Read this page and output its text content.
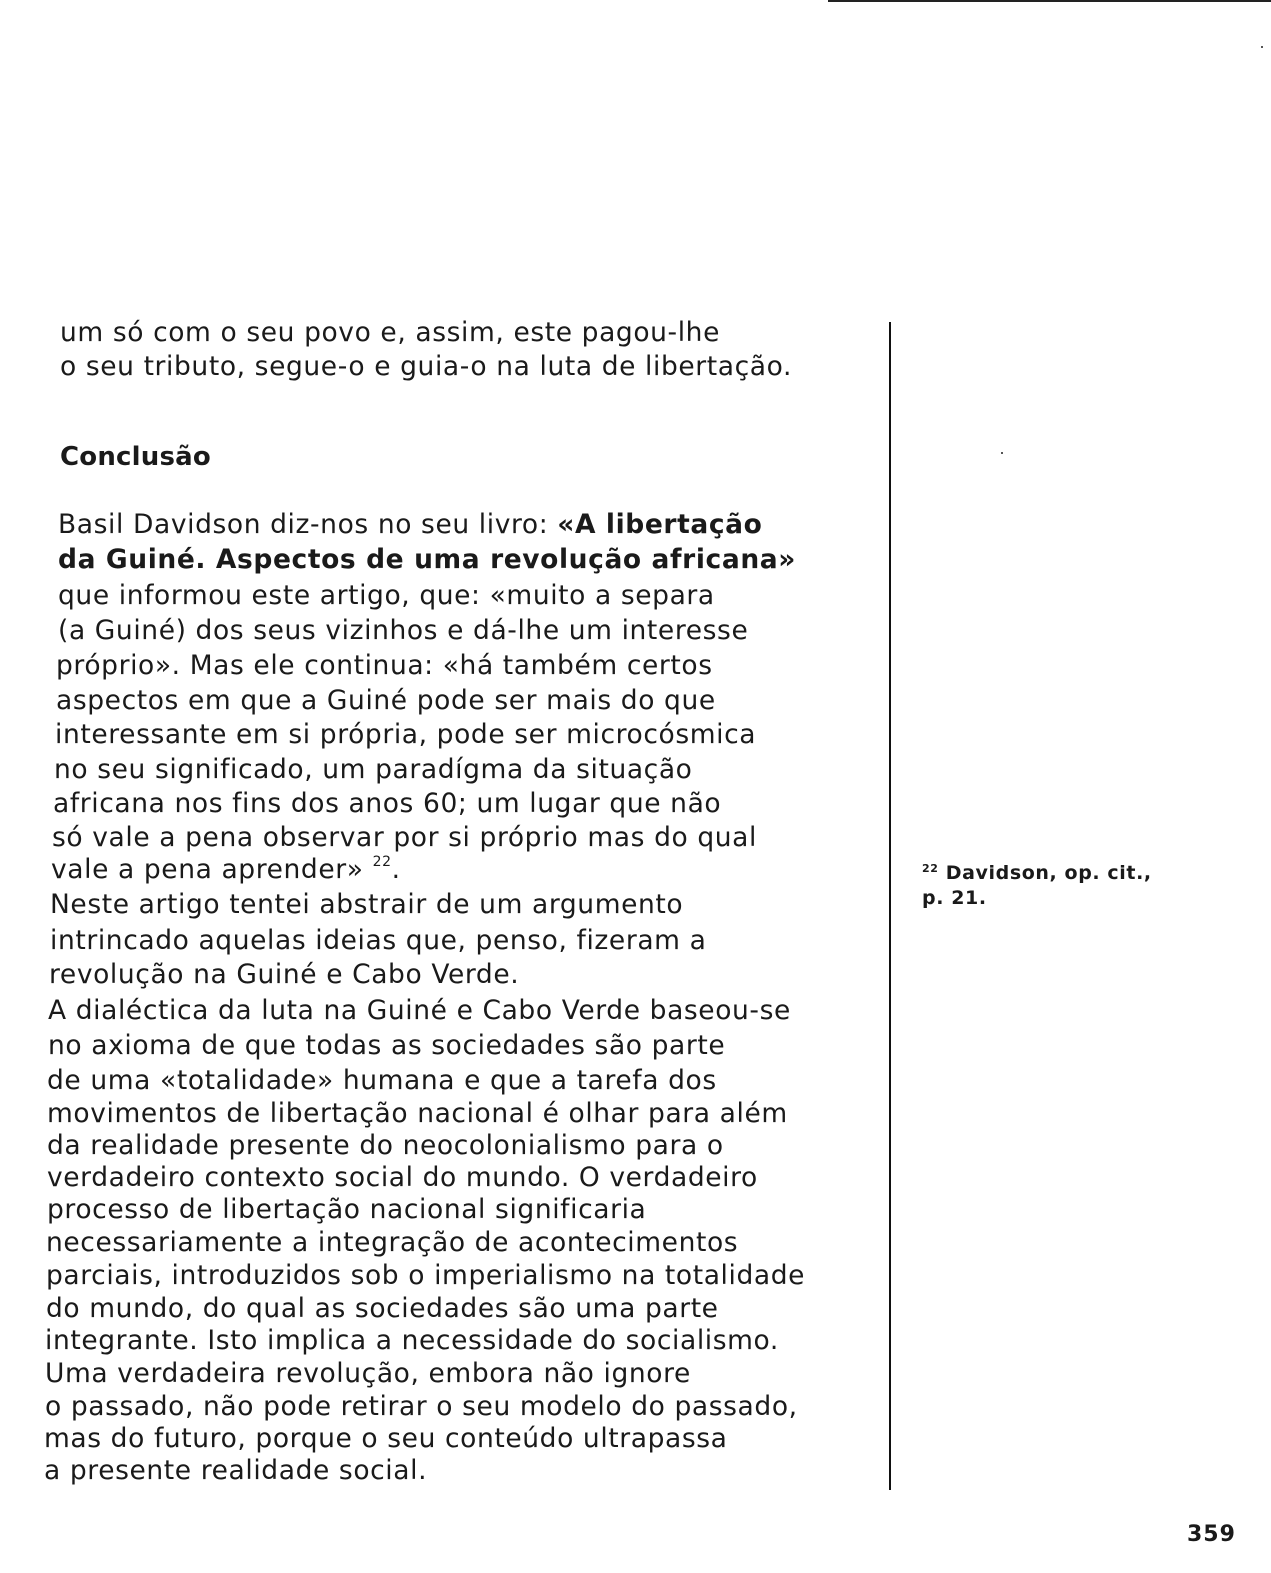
um só com o seu povo e, assim, este pagou-lhe
o seu tributo, segue-o e guia-o na luta de libertação.
Conclusão
Basil Davidson diz-nos no seu livro: «A libertação
da Guiné. Aspectos de uma revolução africana»
que informou este artigo, que: «muito a separa
(a Guiné) dos seus vizinhos e dá-lhe um interesse
próprio». Mas ele continua: «há também certos
aspectos em que a Guiné pode ser mais do que
interessante em si própria, pode ser microcósmica
no seu significado, um paradígma da situação
africana nos fins dos anos 60; um lugar que não
só vale a pena observar por si próprio mas do qual
vale a pena aprender» $^{22}$.
Neste artigo tentei abstrair de um argumento
intrincado aquelas ideias que, penso, fizeram a
revolução na Guiné e Cabo Verde.
A dialéctica da luta na Guiné e Cabo Verde baseou-se
no axioma de que todas as sociedades são parte
de uma «totalidade» humana e que a tarefa dos
movimentos de libertação nacional é olhar para além
da realidade presente do neocolonialismo para o
verdadeiro contexto social do mundo. O verdadeiro
processo de libertação nacional significaria
necessariamente a integração de acontecimentos
parciais, introduzidos sob o imperialismo na totalidade
do mundo, do qual as sociedades são uma parte
integrante. Isto implica a necessidade do socialismo.
Uma verdadeira revolução, embora não ignore
o passado, não pode retirar o seu modelo do passado,
mas do futuro, porque o seu conteúdo ultrapassa
a presente realidade social.
$^{22}$ Davidson, op. cit.,
p. 21.
359
